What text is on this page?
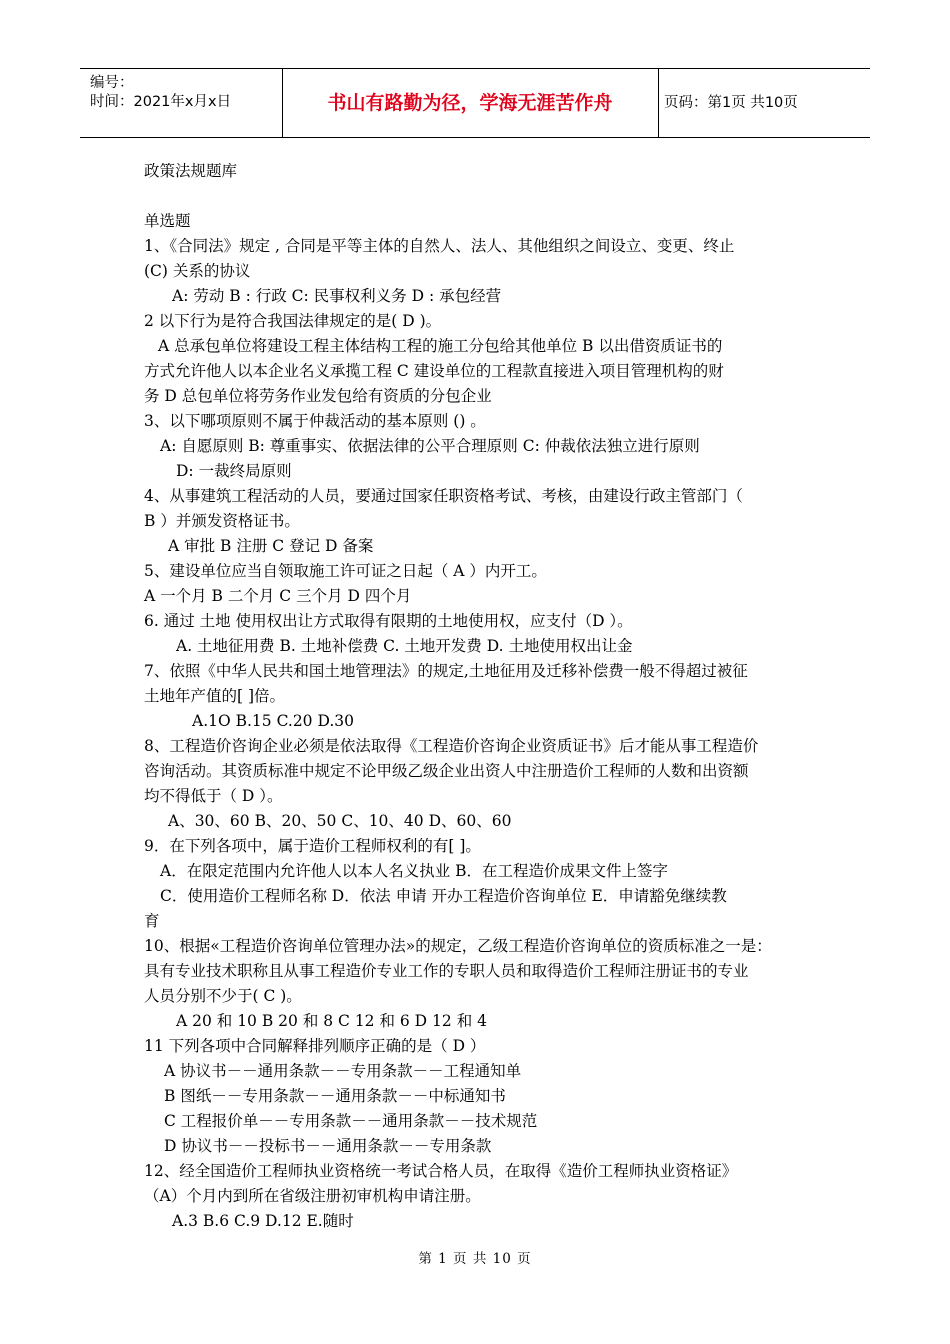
编号：
时间：2021年x月x日	书山有路勤为径，学海无涯苦作舟	页码：第1页 共10页
政策法规题库
单选题
1、《合同法》规定 , 合同是平等主体的自然人、法人、其他组织之间设立、变更、终止
(C) 关系的协议
A: 劳动 B : 行政 C: 民事权利义务 D : 承包经营
2 以下行为是符合我国法律规定的是( D )。
A 总承包单位将建设工程主体结构工程的施工分包给其他单位 B 以出借资质证书的
方式允许他人以本企业名义承揽工程 C 建设单位的工程款直接进入项目管理机构的财
务 D 总包单位将劳务作业发包给有资质的分包企业
3、以下哪项原则不属于仲裁活动的基本原则 () 。
A: 自愿原则 B: 尊重事实、依据法律的公平合理原则 C: 仲裁依法独立进行原则
D: 一裁终局原则
4、从事建筑工程活动的人员，要通过国家任职资格考试、考核，由建设行政主管部门（
B ）并颁发资格证书。
A 审批 B 注册 C 登记 D 备案
5、建设单位应当自领取施工许可证之日起（ A ）内开工。
A 一个月 B 二个月 C 三个月 D 四个月
6. 通过 土地 使用权出让方式取得有限期的土地使用权，应支付（D ）。
A. 土地征用费 B. 土地补偿费 C. 土地开发费 D. 土地使用权出让金
7、依照《中华人民共和国土地管理法》的规定,土地征用及迁移补偿费一般不得超过被征
土地年产值的[ ]倍。
A.1O B.15 C.20 D.30
8、工程造价咨询企业必须是依法取得《工程造价咨询企业资质证书》后才能从事工程造价
咨询活动。其资质标准中规定不论甲级乙级企业出资人中注册造价工程师的人数和出资额
均不得低于（ D ）。
A、30、60 B、20、50 C、10、40 D、60、60
9．在下列各项中，属于造价工程师权利的有[ ]。
A．在限定范围内允许他人以本人名义执业 B．在工程造价成果文件上签字
C．使用造价工程师名称 D．依法 申请 开办工程造价咨询单位 E．申请豁免继续教
育
10、根据«工程造价咨询单位管理办法»的规定，乙级工程造价咨询单位的资质标准之一是：
具有专业技术职称且从事工程造价专业工作的专职人员和取得造价工程师注册证书的专业
人员分别不少于( C )。
A 20 和 10 B 20 和 8 C 12 和 6 D 12 和 4
11 下列各项中合同解释排列顺序正确的是（ D ）
A 协议书－－通用条款－－专用条款－－工程通知单
B 图纸－－专用条款－－通用条款－－中标通知书
C 工程报价单－－专用条款－－通用条款－－技术规范
D 协议书－－投标书－－通用条款－－专用条款
12、经全国造价工程师执业资格统一考试合格人员，在取得《造价工程师执业资格证》
（A）个月内到所在省级注册初审机构申请注册。
A.3 B.6 C.9 D.12 E.随时
第 1 页 共 10 页
